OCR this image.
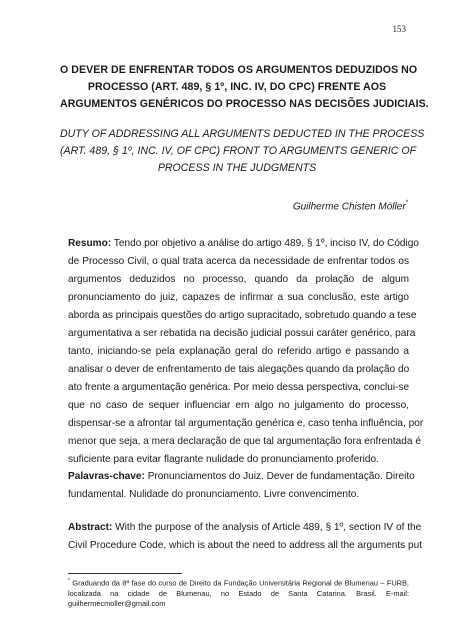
153
O DEVER DE ENFRENTAR TODOS OS ARGUMENTOS DEDUZIDOS NO
PROCESSO (ART. 489, § 1º, INC. IV, DO CPC) FRENTE AOS
ARGUMENTOS GENÉRICOS DO PROCESSO NAS DECISÕES JUDICIAIS.
DUTY OF ADDRESSING ALL ARGUMENTS DEDUCTED IN THE PROCESS
(ART. 489, § 1º, INC. IV, OF CPC) FRONT TO ARGUMENTS GENERIC OF
PROCESS IN THE JUDGMENTS
Guilherme Chisten Möller*
Resumo: Tendo por objetivo a análise do artigo 489, § 1º, inciso IV, do Código
de Processo Civil, o qual trata acerca da necessidade de enfrentar todos os
argumentos deduzidos no processo, quando da prolação de algum
pronunciamento do juiz, capazes de infirmar a sua conclusão, este artigo
aborda as principais questões do artigo supracitado, sobretudo quando a tese
argumentativa a ser rebatida na decisão judicial possui caráter genérico, para
tanto, iniciando-se pela explanação geral do referido artigo e passando a
analisar o dever de enfrentamento de tais alegações quando da prolação do
ato frente a argumentação genérica. Por meio dessa perspectiva, conclui-se
que no caso de sequer influenciar em algo no julgamento do processo,
dispensar-se a afrontar tal argumentação genérica e, caso tenha influência, por
menor que seja, a mera declaração de que tal argumentação fora enfrentada é
suficiente para evitar flagrante nulidade do pronunciamento proferido.
Palavras-chave: Pronunciamentos do Juiz. Dever de fundamentação. Direito
fundamental. Nulidade do pronunciamento. Livre convencimento.
Abstract: With the purpose of the analysis of Article 489, § 1º, section IV of the
Civil Procedure Code, which is about the need to address all the arguments put
* Graduando da 8ª fase do curso de Direito da Fundação Universitária Regional de Blumenau – FURB,
localizada na cidade de Blumenau, no Estado de Santa Catarina. Brasil. E-mail:
guilhermecmoller@gmail.com
